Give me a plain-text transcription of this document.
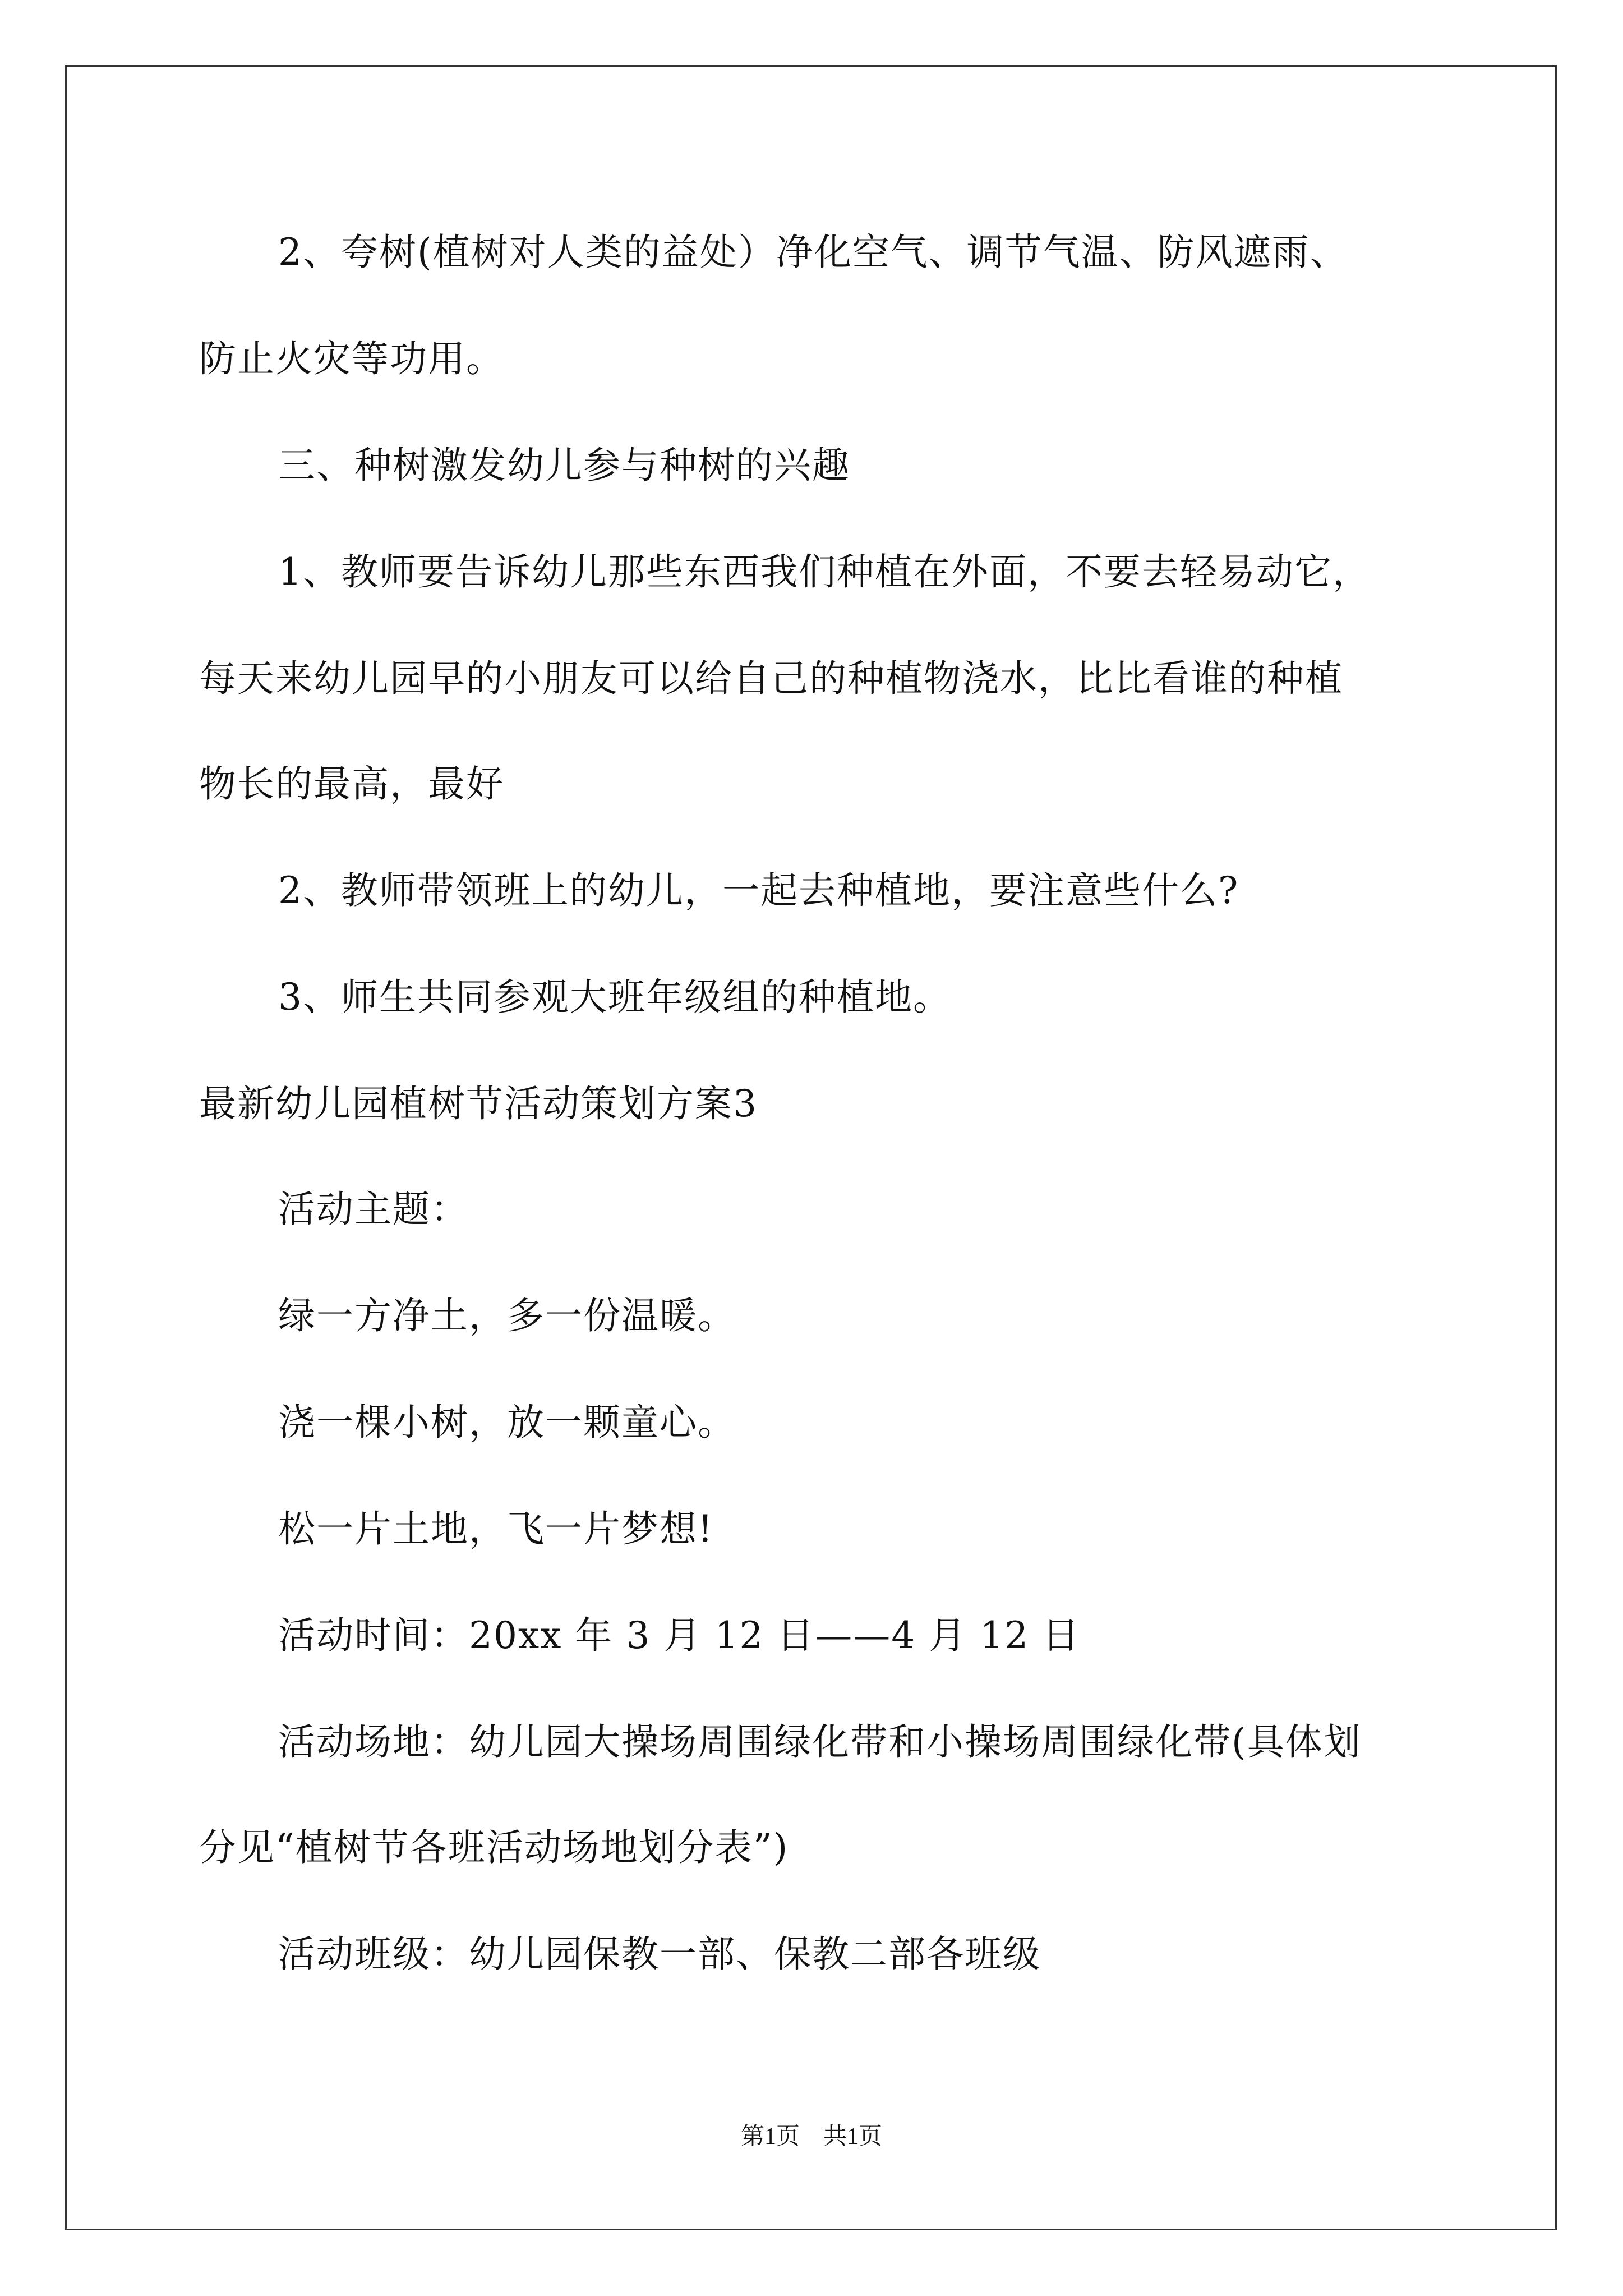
2、夸树(植树对人类的益处）净化空气、调节气温、防风遮雨、
防止火灾等功用。
三、种树激发幼儿参与种树的兴趣
1、教师要告诉幼儿那些东西我们种植在外面，不要去轻易动它，
每天来幼儿园早的小朋友可以给自己的种植物浇水，比比看谁的种植
物长的最高，最好
2、教师带领班上的幼儿，一起去种植地，要注意些什么?
3、师生共同参观大班年级组的种植地。
最新幼儿园植树节活动策划方案3
活动主题：
绿一方净土，多一份温暖。
浇一棵小树，放一颗童心。
松一片土地，飞一片梦想!
活动时间：20xx 年 3 月 12 日——4 月 12 日
活动场地：幼儿园大操场周围绿化带和小操场周围绿化带(具体划
分见“植树节各班活动场地划分表”)
活动班级：幼儿园保教一部、保教二部各班级
第1页　共1页
